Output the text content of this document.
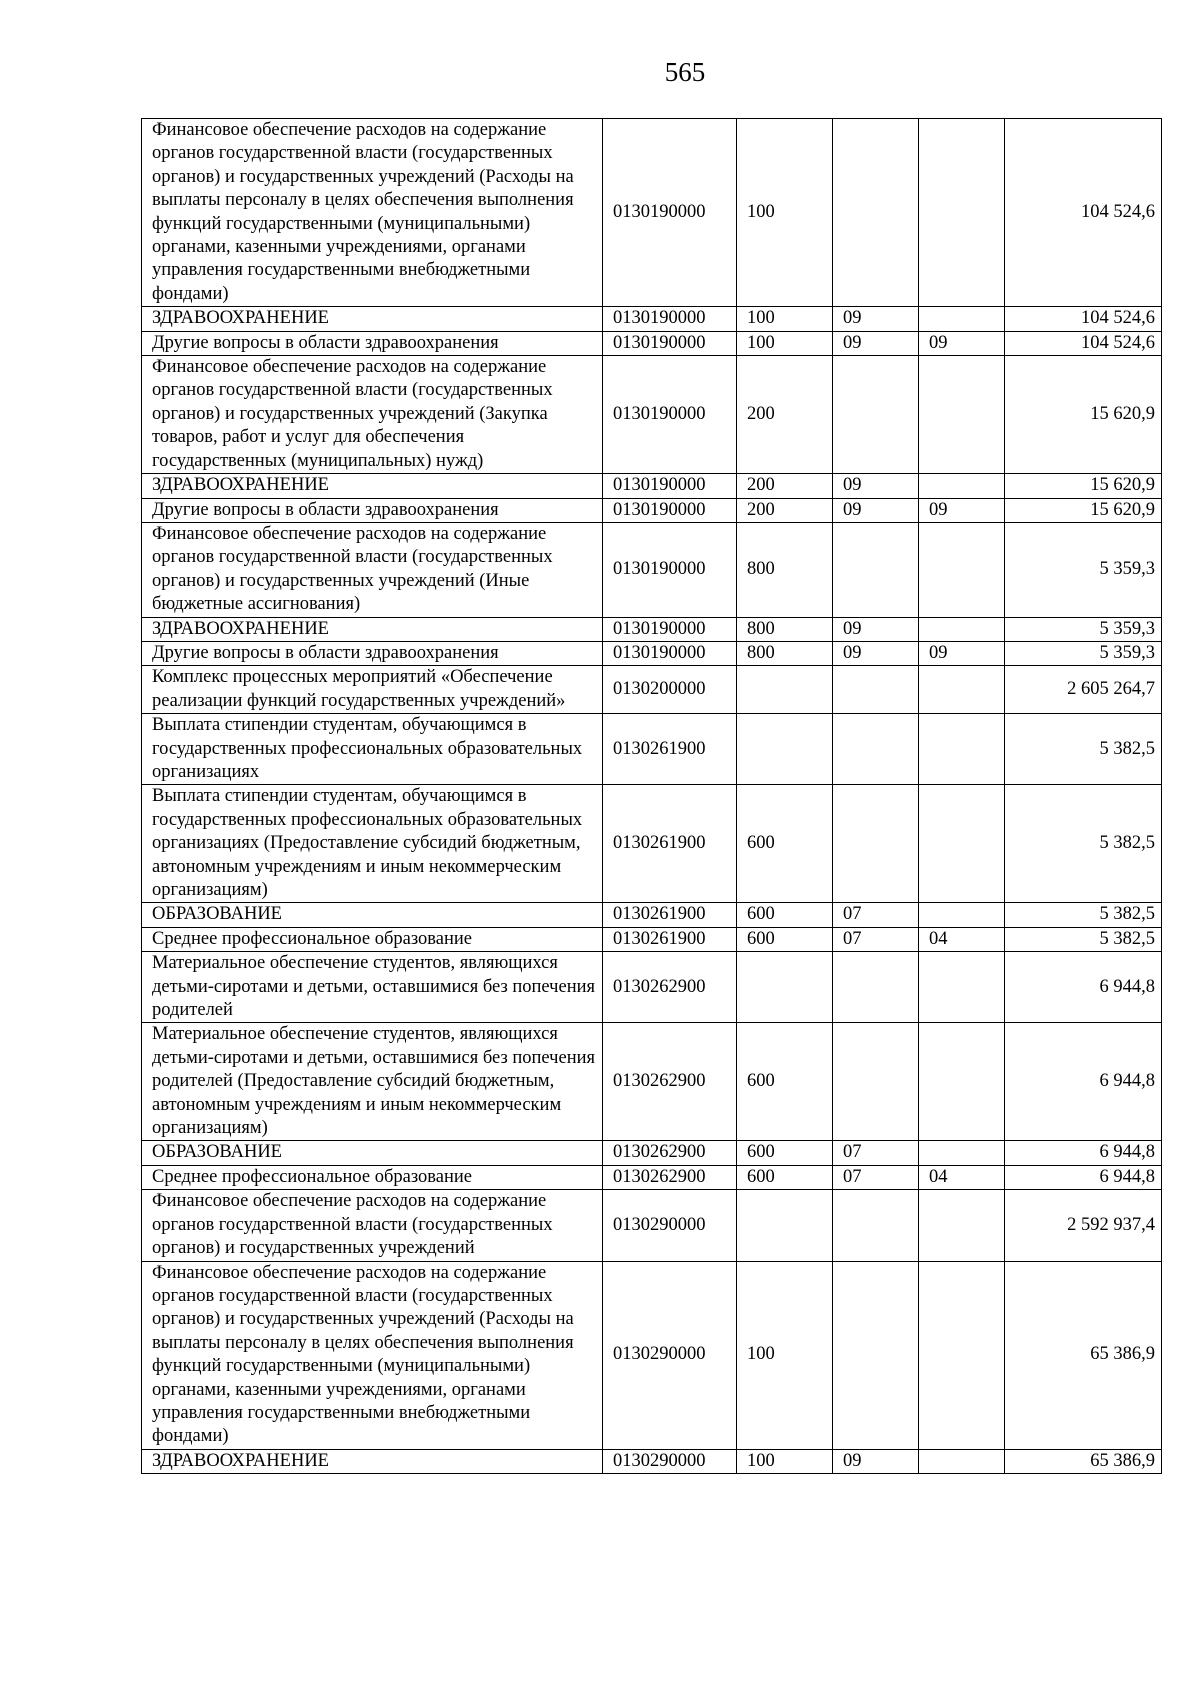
565
Финансовое обеспечение расходов на содержание органов государственной власти (государственных органов) и государственных учреждений (Расходы на выплаты персоналу в целях обеспечения выполнения функций государственными (муниципальными) органами, казенными учреждениями, органами управления государственными внебюджетными фондами)	0130190000	100			104 524,6
ЗДРАВООХРАНЕНИЕ	0130190000	100	09		104 524,6
Другие вопросы в области здравоохранения	0130190000	100	09	09	104 524,6
Финансовое обеспечение расходов на содержание органов государственной власти (государственных органов) и государственных учреждений (Закупка товаров, работ и услуг для обеспечения государственных (муниципальных) нужд)	0130190000	200			15 620,9
ЗДРАВООХРАНЕНИЕ	0130190000	200	09		15 620,9
Другие вопросы в области здравоохранения	0130190000	200	09	09	15 620,9
Финансовое обеспечение расходов на содержание органов государственной власти (государственных органов) и государственных учреждений (Иные бюджетные ассигнования)	0130190000	800			5 359,3
ЗДРАВООХРАНЕНИЕ	0130190000	800	09		5 359,3
Другие вопросы в области здравоохранения	0130190000	800	09	09	5 359,3
Комплекс процессных мероприятий «Обеспечение реализации функций государственных учреждений»	0130200000				2 605 264,7
Выплата стипендии студентам, обучающимся в государственных профессиональных образовательных организациях	0130261900				5 382,5
Выплата стипендии студентам, обучающимся в государственных профессиональных образовательных организациях (Предоставление субсидий бюджетным, автономным учреждениям и иным некоммерческим организациям)	0130261900	600			5 382,5
ОБРАЗОВАНИЕ	0130261900	600	07		5 382,5
Среднее профессиональное образование	0130261900	600	07	04	5 382,5
Материальное обеспечение студентов, являющихся детьми-сиротами и детьми, оставшимися без попечения родителей	0130262900				6 944,8
Материальное обеспечение студентов, являющихся детьми-сиротами и детьми, оставшимися без попечения родителей (Предоставление субсидий бюджетным, автономным учреждениям и иным некоммерческим организациям)	0130262900	600			6 944,8
ОБРАЗОВАНИЕ	0130262900	600	07		6 944,8
Среднее профессиональное образование	0130262900	600	07	04	6 944,8
Финансовое обеспечение расходов на содержание органов государственной власти (государственных органов) и государственных учреждений	0130290000				2 592 937,4
Финансовое обеспечение расходов на содержание органов государственной власти (государственных органов) и государственных учреждений (Расходы на выплаты персоналу в целях обеспечения выполнения функций государственными (муниципальными) органами, казенными учреждениями, органами управления государственными внебюджетными фондами)	0130290000	100			65 386,9
ЗДРАВООХРАНЕНИЕ	0130290000	100	09		65 386,9
